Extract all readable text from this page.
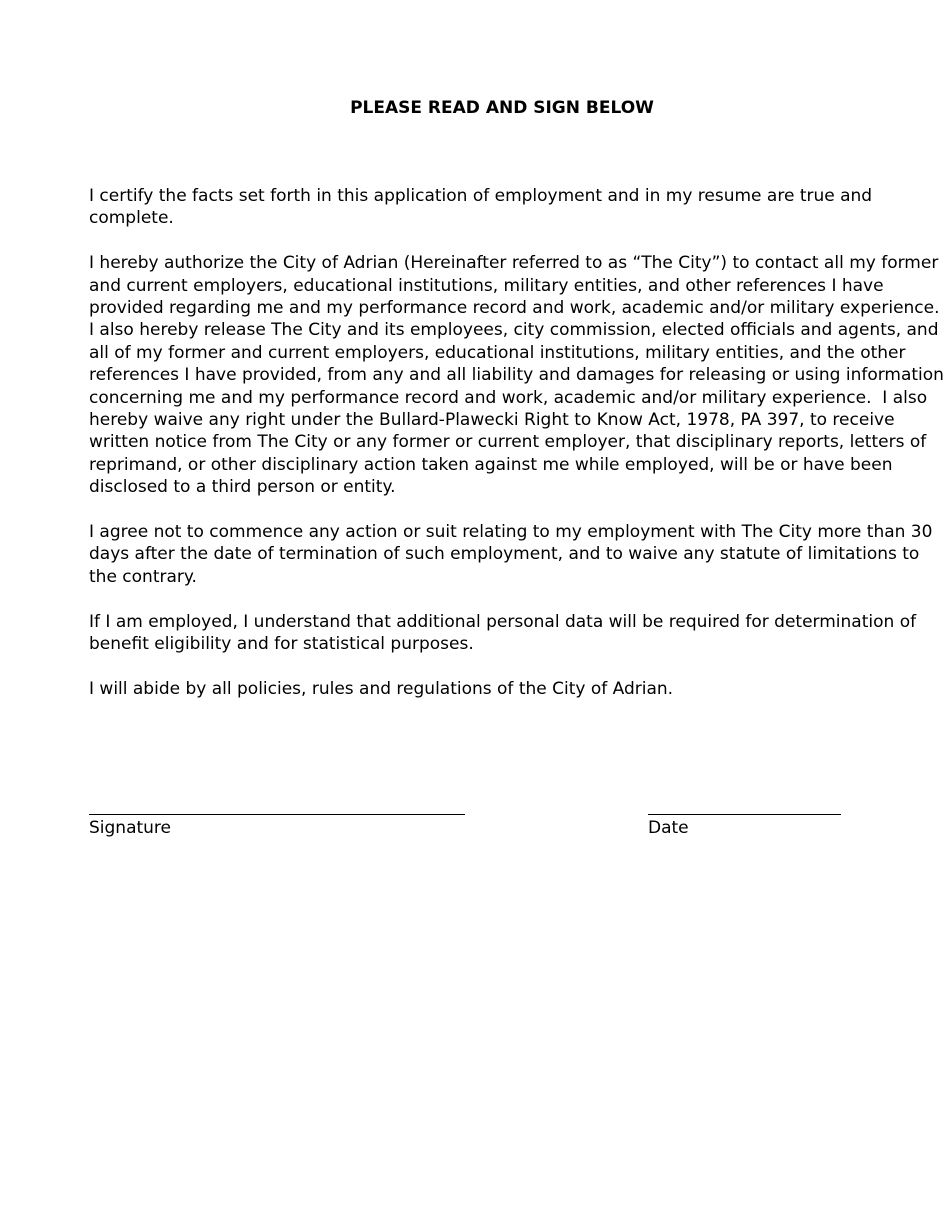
PLEASE READ AND SIGN BELOW

I certify the facts set forth in this application of employment and in my resume are true and
complete.

I hereby authorize the City of Adrian (Hereinafter referred to as “The City”) to contact all my former
and current employers, educational institutions, military entities, and other references I have
provided regarding me and my performance record and work, academic and/or military experience.
I also hereby release The City and its employees, city commission, elected officials and agents, and
all of my former and current employers, educational institutions, military entities, and the other
references I have provided, from any and all liability and damages for releasing or using information
concerning me and my performance record and work, academic and/or military experience.  I also
hereby waive any right under the Bullard-Plawecki Right to Know Act, 1978, PA 397, to receive
written notice from The City or any former or current employer, that disciplinary reports, letters of
reprimand, or other disciplinary action taken against me while employed, will be or have been
disclosed to a third person or entity.

I agree not to commence any action or suit relating to my employment with The City more than 30
days after the date of termination of such employment, and to waive any statute of limitations to
the contrary.

If I am employed, I understand that additional personal data will be required for determination of
benefit eligibility and for statistical purposes.

I will abide by all policies, rules and regulations of the City of Adrian.

Signature	Date
